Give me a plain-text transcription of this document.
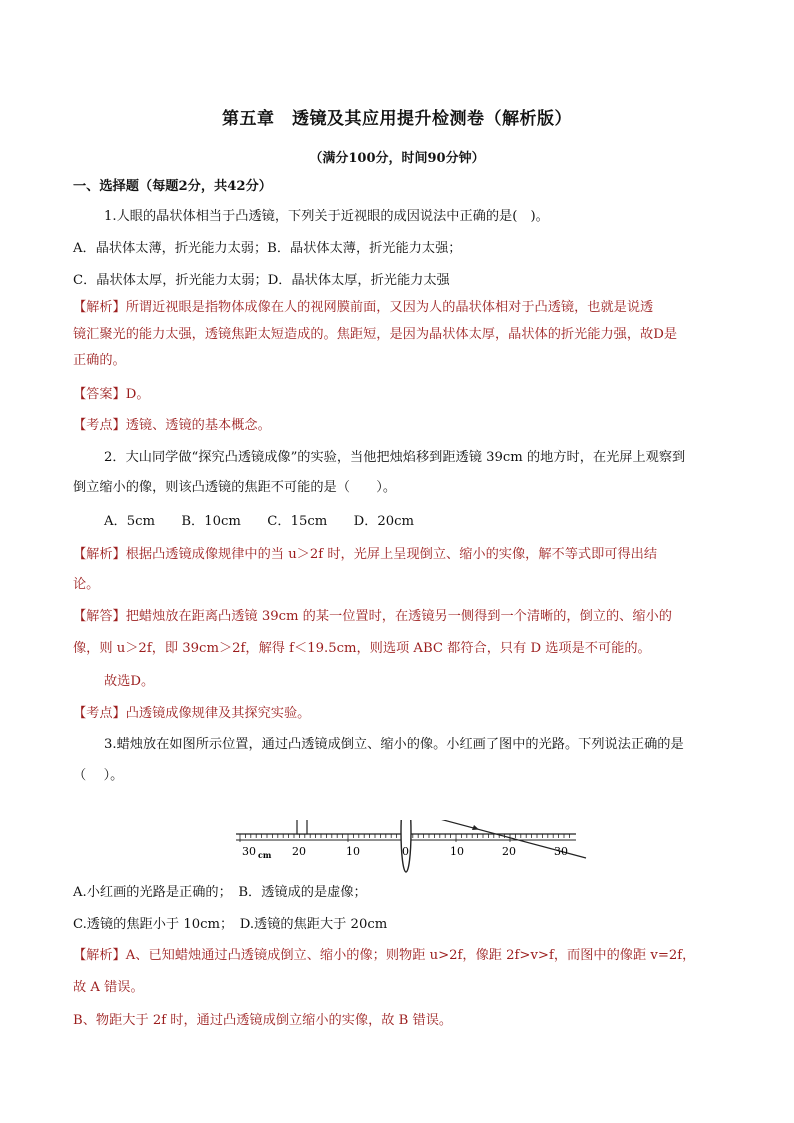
第五章　透镜及其应用提升检测卷（解析版）
（满分100分，时间90分钟）
一、选择题（每题2分，共42分）
1.人眼的晶状体相当于凸透镜，下列关于近视眼的成因说法中正确的是(　)。
A．晶状体太薄，折光能力太弱；B．晶状体太薄，折光能力太强；
C．晶状体太厚，折光能力太弱；D．晶状体太厚，折光能力太强
【解析】所谓近视眼是指物体成像在人的视网膜前面，又因为人的晶状体相对于凸透镜，也就是说透
镜汇聚光的能力太强，透镜焦距太短造成的。焦距短，是因为晶状体太厚，晶状体的折光能力强，故D是
正确的。
【答案】D。
【考点】透镜、透镜的基本概念。
2．大山同学做“探究凸透镜成像”的实验，当他把烛焰移到距透镜 39cm 的地方时，在光屏上观察到
倒立缩小的像，则该凸透镜的焦距不可能的是（　　）。
A．5cm　　B．10cm　　C．15cm　　D．20cm
【解析】根据凸透镜成像规律中的当 u＞2f 时，光屏上呈现倒立、缩小的实像，解不等式即可得出结
论。
【解答】把蜡烛放在距离凸透镜 39cm 的某一位置时，在透镜另一侧得到一个清晰的，倒立的、缩小的
像，则 u＞2f，即 39cm＞2f，解得 f＜19.5cm，则选项 ABC 都符合，只有 D 选项是不可能的。
故选D。
【考点】凸透镜成像规律及其探究实验。
3.蜡烛放在如图所示位置，通过凸透镜成倒立、缩小的像。小红画了图中的光路。下列说法正确的是
（　 ）。
30 cm 20	10	0	10	20	30
A.小红画的光路是正确的；　B．透镜成的是虚像；
C.透镜的焦距小于 10cm；　D.透镜的焦距大于 20cm
【解析】A、已知蜡烛通过凸透镜成倒立、缩小的像；则物距 u>2f，像距 2f>v>f，而图中的像距 v=2f，
故 A 错误。
B、物距大于 2f 时，通过凸透镜成倒立缩小的实像，故 B 错误。
